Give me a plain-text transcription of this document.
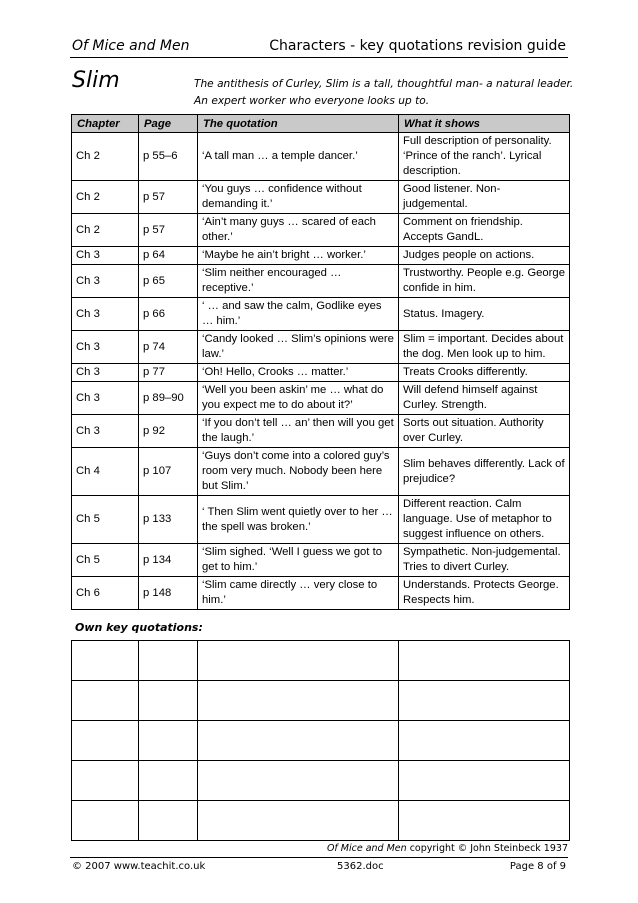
Of Mice and Men	Characters - key quotations revision guide
Slim	The antithesis of Curley, Slim is a tall, thoughtful man- a natural leader. An expert worker who everyone looks up to.
Chapter	Page	The quotation	What it shows
Ch 2	p 55–6	‘A tall man … a temple dancer.’	Full description of personality. ‘Prince of the ranch’. Lyrical description.
Ch 2	p 57	‘You guys … confidence without demanding it.’	Good listener. Non-judgemental.
Ch 2	p 57	‘Ain’t many guys … scared of each other.’	Comment on friendship. Accepts GandL.
Ch 3	p 64	‘Maybe he ain’t bright … worker.’	Judges people on actions.
Ch 3	p 65	‘Slim neither encouraged … receptive.’	Trustworthy. People e.g. George confide in him.
Ch 3	p 66	‘ … and saw the calm, Godlike eyes … him.’	Status. Imagery.
Ch 3	p 74	‘Candy looked … Slim’s opinions were law.’	Slim = important. Decides about the dog. Men look up to him.
Ch 3	p 77	‘Oh! Hello, Crooks … matter.’	Treats Crooks differently.
Ch 3	p 89–90	‘Well you been askin’ me … what do you expect me to do about it?’	Will defend himself against Curley. Strength.
Ch 3	p 92	‘If you don’t tell … an’ then will you get the laugh.’	Sorts out situation. Authority over Curley.
Ch 4	p 107	‘Guys don’t come into a colored guy’s room very much. Nobody been here but Slim.’	Slim behaves differently. Lack of prejudice?
Ch 5	p 133	‘ Then Slim went quietly over to her … the spell was broken.’	Different reaction. Calm language. Use of metaphor to suggest influence on others.
Ch 5	p 134	‘Slim sighed. ‘Well I guess we got to get to him.’	Sympathetic. Non-judgemental. Tries to divert Curley.
Ch 6	p 148	‘Slim came directly … very close to him.’	Understands. Protects George. Respects him.
Own key quotations:

Of Mice and Men copyright © John Steinbeck 1937
© 2007 www.teachit.co.uk	5362.doc	Page 8 of 9
